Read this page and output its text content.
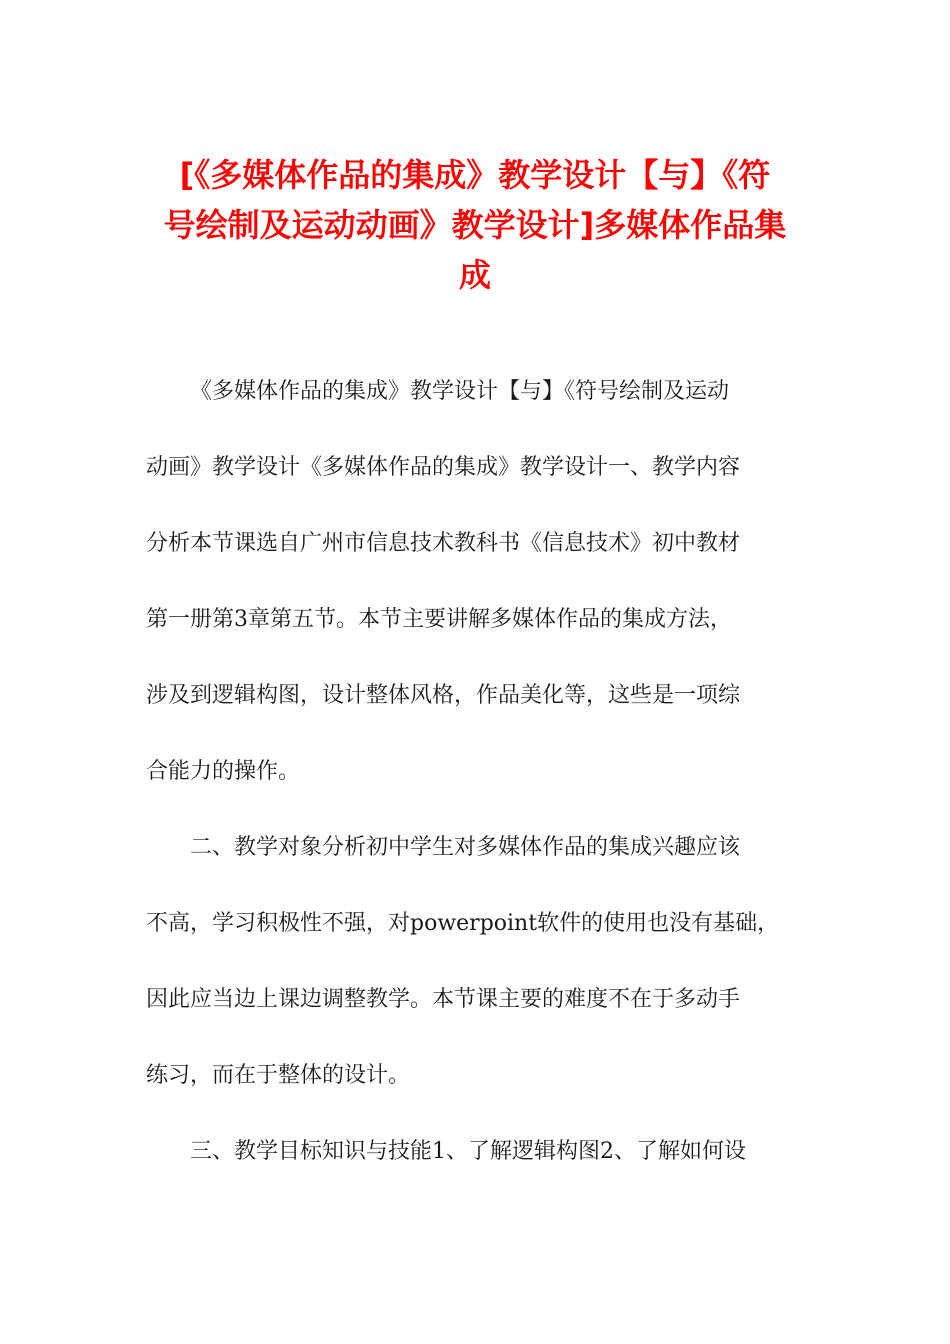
[《多媒体作品的集成》教学设计【与】《符
号绘制及运动动画》教学设计]多媒体作品集
成

《多媒体作品的集成》教学设计【与】《符号绘制及运动
动画》教学设计《多媒体作品的集成》教学设计一、教学内容
分析本节课选自广州市信息技术教科书《信息技术》初中教材
第一册第3章第五节。本节主要讲解多媒体作品的集成方法，
涉及到逻辑构图，设计整体风格，作品美化等，这些是一项综
合能力的操作。

二、教学对象分析初中学生对多媒体作品的集成兴趣应该
不高，学习积极性不强，对powerpoint软件的使用也没有基础，
因此应当边上课边调整教学。本节课主要的难度不在于多动手
练习，而在于整体的设计。

三、教学目标知识与技能1、了解逻辑构图2、了解如何设
